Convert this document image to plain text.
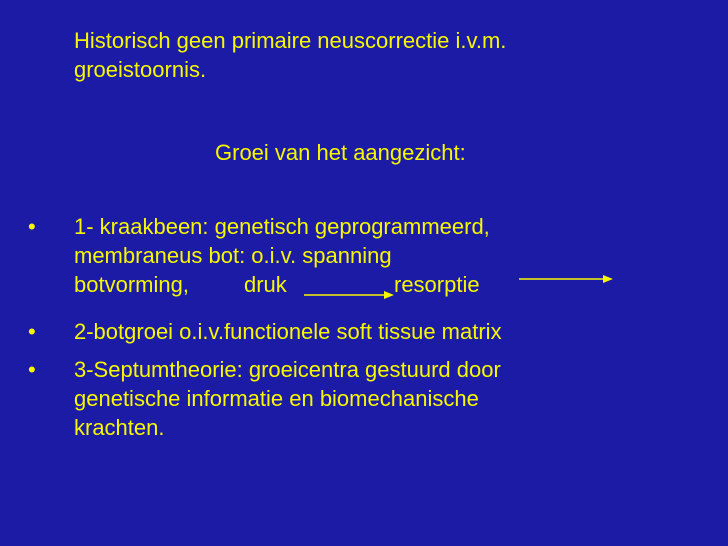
Historisch geen primaire neuscorrectie i.v.m.
groeistoornis.
Groei van het aangezicht:
• 1- kraakbeen: genetisch geprogrammeerd,
membraneus bot: o.i.v. spanning
botvorming,	druk	resorptie
• 2-botgroei o.i.v.functionele soft tissue matrix
• 3-Septumtheorie: groeicentra gestuurd door
genetische informatie en biomechanische
krachten.
